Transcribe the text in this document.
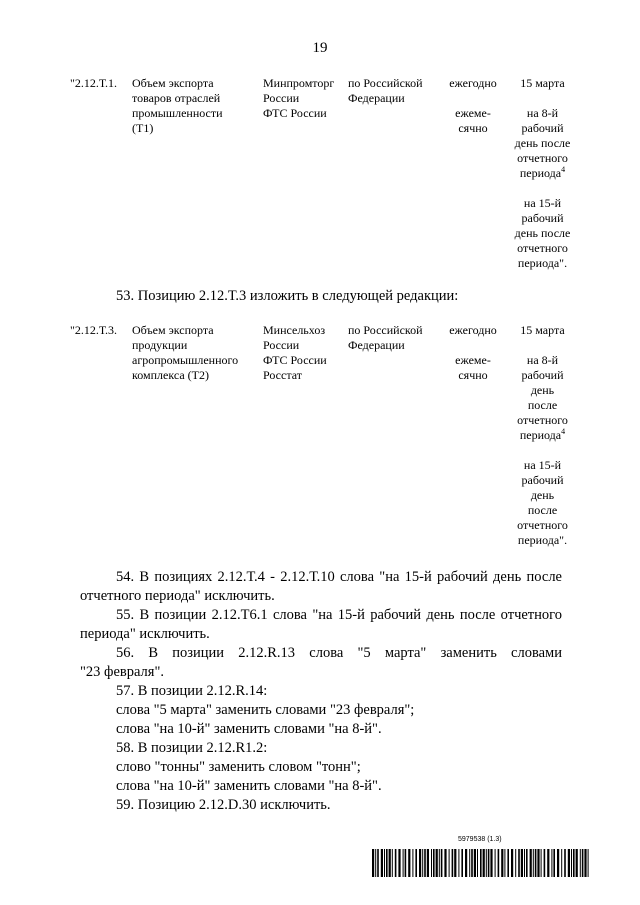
19
"2.12.Т.1.	Объем экспорта
товаров отраслей
промышленности
(Т1)
Минпромторг
России
ФТС России
по Российской
Федерации
ежегодно
ежеме-
сячно
15 марта
на 8-й
рабочий
день после
отчетного
периода$^4$
на 15-й
рабочий
день после
отчетного
периода".
53. Позицию 2.12.Т.3 изложить в следующей редакции:
"2.12.Т.3.	Объем экспорта
продукции
агропромышленного
комплекса (Т2)
Минсельхоз
России
ФТС России
Росстат
по Российской
Федерации
ежегодно
ежеме-
сячно
15 марта
на 8-й
рабочий
день
после
отчетного
периода$^4$
на 15-й
рабочий
день
после
отчетного
периода".
54. В позициях 2.12.Т.4 - 2.12.Т.10 слова "на 15-й рабочий день после
отчетного периода" исключить.
55. В позиции 2.12.Т6.1 слова "на 15-й рабочий день после отчетного
периода" исключить.
56. В позиции 2.12.R.13 слова "5 марта" заменить словами
"23 февраля".
57. В позиции 2.12.R.14:
слова "5 марта" заменить словами "23 февраля";
слова "на 10-й" заменить словами "на 8-й".
58. В позиции 2.12.R1.2:
слово "тонны" заменить словом "тонн";
слова "на 10-й" заменить словами "на 8-й".
59. Позицию 2.12.D.30 исключить.
5979538 (1.3)
